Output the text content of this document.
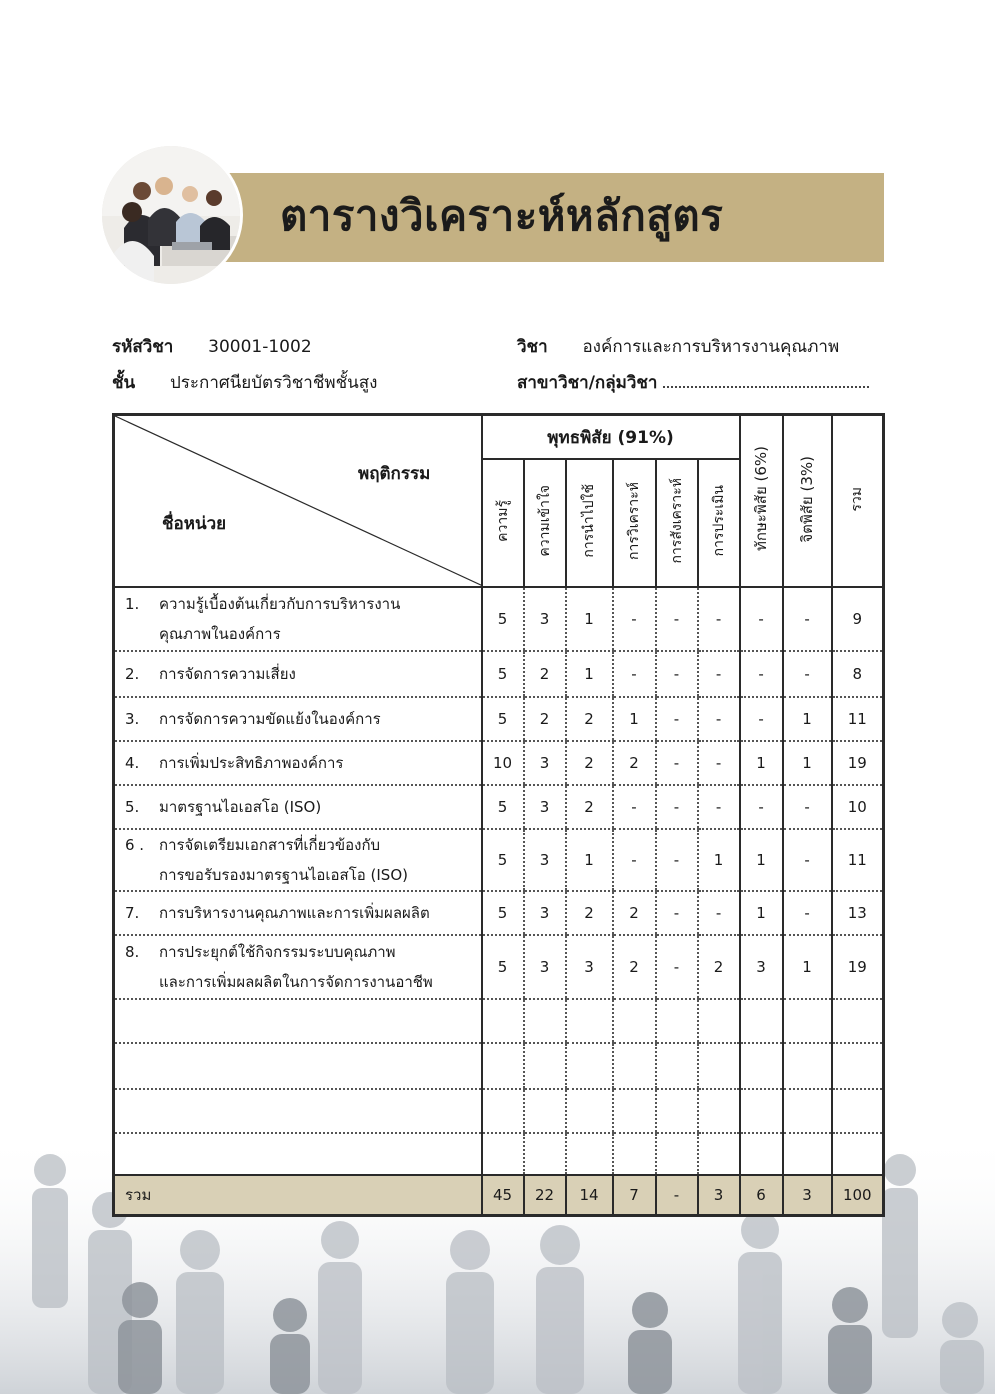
ตารางวิเคราะห์หลักสูตร
รหัสวิชา 30001-1002	วิชา องค์การและการบริหารงานคุณภาพ
ชั้น ประกาศนียบัตรวิชาชีพชั้นสูง	สาขาวิชา/กลุ่มวิชา
พฤติกรรม
ชื่อหน่วย	พุทธพิสัย (91%)						ทักษะพิสัย (6%)	จิตพิสัย (3%)	รวม
	ความรู้	ความเข้าใจ	การนำไปใช้	การวิเคราะห์	การสังเคราะห์	การประเมิน			
1. ความรู้เบื้องต้นเกี่ยวกับการบริหารงาน
คุณภาพในองค์การ	5	3	1	-	-	-	-	-	9
2. การจัดการความเสี่ยง	5	2	1	-	-	-	-	-	8
3. การจัดการความขัดแย้งในองค์การ	5	2	2	1	-	-	-	1	11
4. การเพิ่มประสิทธิภาพองค์การ	10	3	2	2	-	-	1	1	19
5. มาตรฐานไอเอสโอ (ISO)	5	3	2	-	-	-	-	-	10
6 . การจัดเตรียมเอกสารที่เกี่ยวข้องกับ
การขอรับรองมาตรฐานไอเอสโอ (ISO)	5	3	1	-	-	1	1	-	11
7. การบริหารงานคุณภาพและการเพิ่มผลผลิต	5	3	2	2	-	-	1	-	13
8. การประยุกต์ใช้กิจกรรมระบบคุณภาพ
และการเพิ่มผลผลิตในการจัดการงานอาชีพ	5	3	3	2	-	2	3	1	19

รวม	45	22	14	7	-	3	6	3	100
